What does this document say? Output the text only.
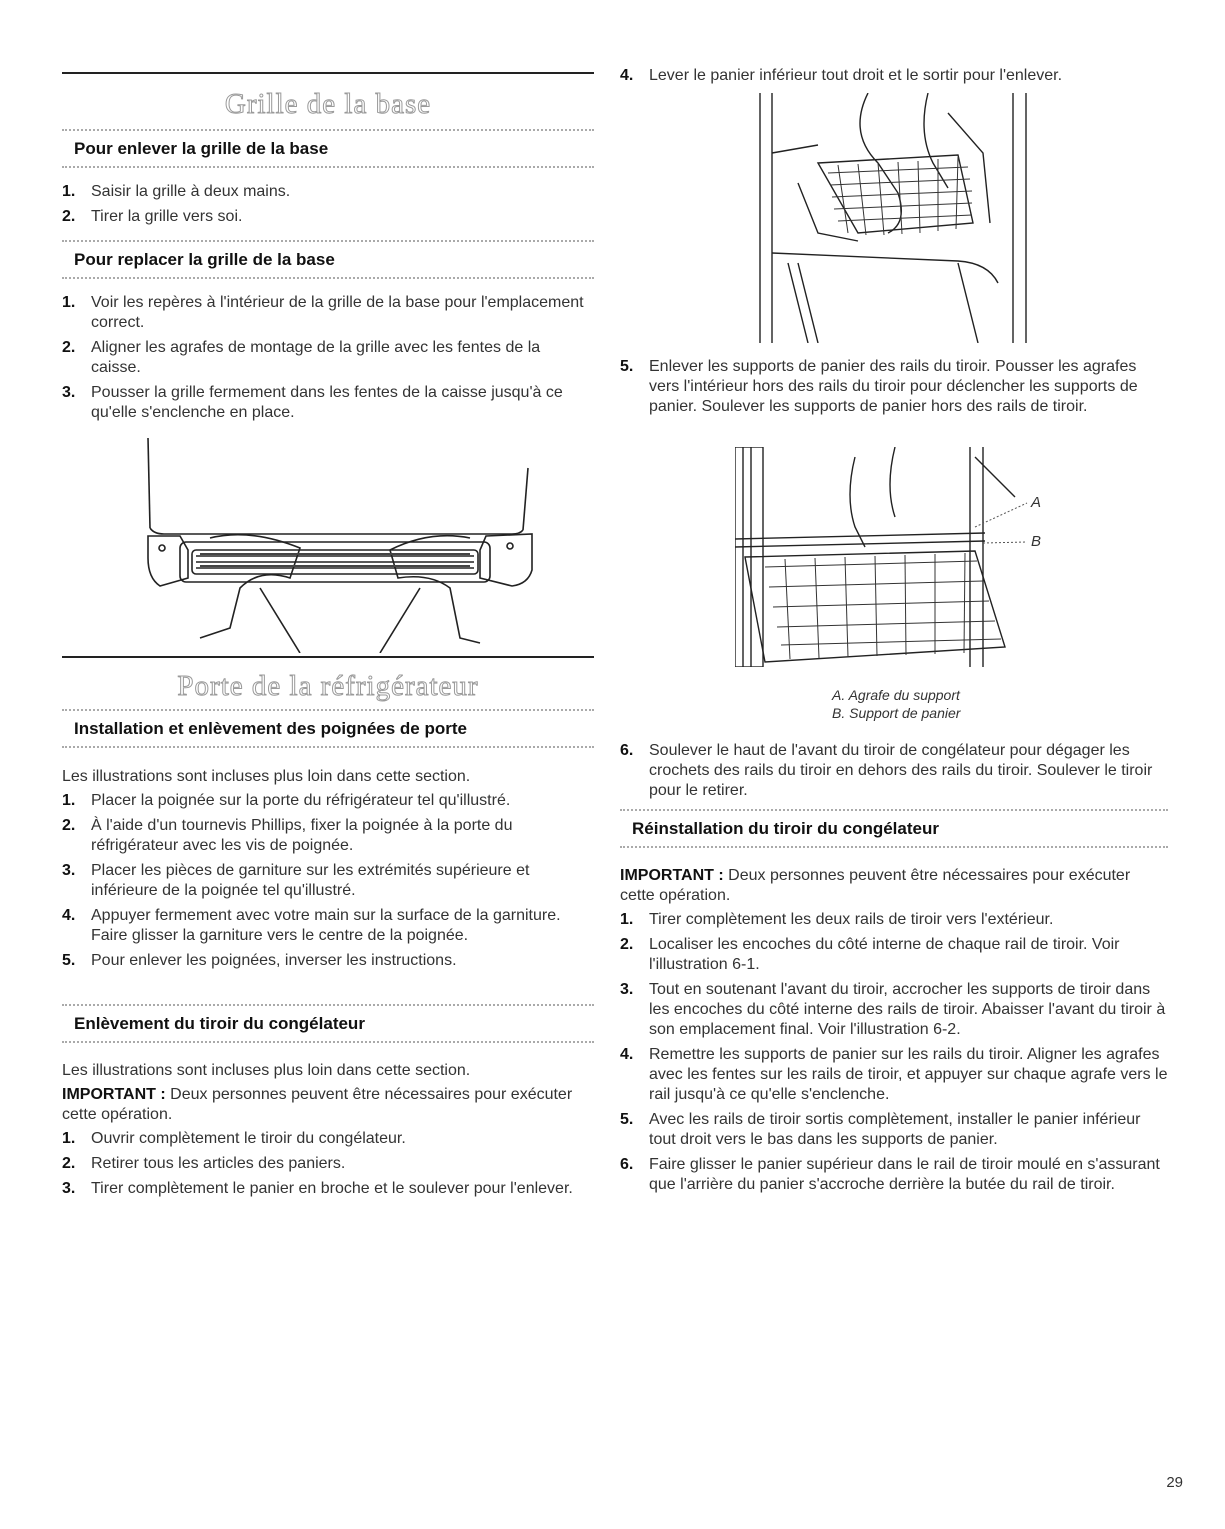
Grille de la base
Pour enlever la grille de la base
1. Saisir la grille à deux mains.
2. Tirer la grille vers soi.
Pour replacer la grille de la base
1. Voir les repères à l'intérieur de la grille de la base pour l'emplacement correct.
2. Aligner les agrafes de montage de la grille avec les fentes de la caisse.
3. Pousser la grille fermement dans les fentes de la caisse jusqu'à ce qu'elle s'enclenche en place.
Porte de la réfrigérateur
Installation et enlèvement des poignées de porte

Les illustrations sont incluses plus loin dans cette section.

1. Placer la poignée sur la porte du réfrigérateur tel qu'illustré.
2. À l'aide d'un tournevis Phillips, fixer la poignée à la porte du réfrigérateur avec les vis de poignée.
3. Placer les pièces de garniture sur les extrémités supérieure et inférieure de la poignée tel qu'illustré.
4. Appuyer fermement avec votre main sur la surface de la garniture. Faire glisser la garniture vers le centre de la poignée.
5. Pour enlever les poignées, inverser les instructions.
Enlèvement du tiroir du congélateur

Les illustrations sont incluses plus loin dans cette section.

IMPORTANT : Deux personnes peuvent être nécessaires pour exécuter cette opération.

1. Ouvrir complètement le tiroir du congélateur.
2. Retirer tous les articles des paniers.
3. Tirer complètement le panier en broche et le soulever pour l'enlever.
4. Lever le panier inférieur tout droit et le sortir pour l'enlever.
5. Enlever les supports de panier des rails du tiroir. Pousser les agrafes vers l'intérieur hors des rails du tiroir pour déclencher les supports de panier. Soulever les supports de panier hors des rails de tiroir.
A
B
A. Agrafe du support
B. Support de panier
6. Soulever le haut de l'avant du tiroir de congélateur pour dégager les crochets des rails du tiroir en dehors des rails du tiroir. Soulever le tiroir pour le retirer.
Réinstallation du tiroir du congélateur

IMPORTANT : Deux personnes peuvent être nécessaires pour exécuter cette opération.

1. Tirer complètement les deux rails de tiroir vers l'extérieur.
2. Localiser les encoches du côté interne de chaque rail de tiroir. Voir l'illustration 6-1.
3. Tout en soutenant l'avant du tiroir, accrocher les supports de tiroir dans les encoches du côté interne des rails de tiroir. Abaisser l'avant du tiroir à son emplacement final. Voir l'illustration 6-2.
4. Remettre les supports de panier sur les rails du tiroir. Aligner les agrafes avec les fentes sur les rails de tiroir, et appuyer sur chaque agrafe vers le rail jusqu'à ce qu'elle s'enclenche.
5. Avec les rails de tiroir sortis complètement, installer le panier inférieur tout droit vers le bas dans les supports de panier.
6. Faire glisser le panier supérieur dans le rail de tiroir moulé en s'assurant que l'arrière du panier s'accroche derrière la butée du rail de tiroir.
29
